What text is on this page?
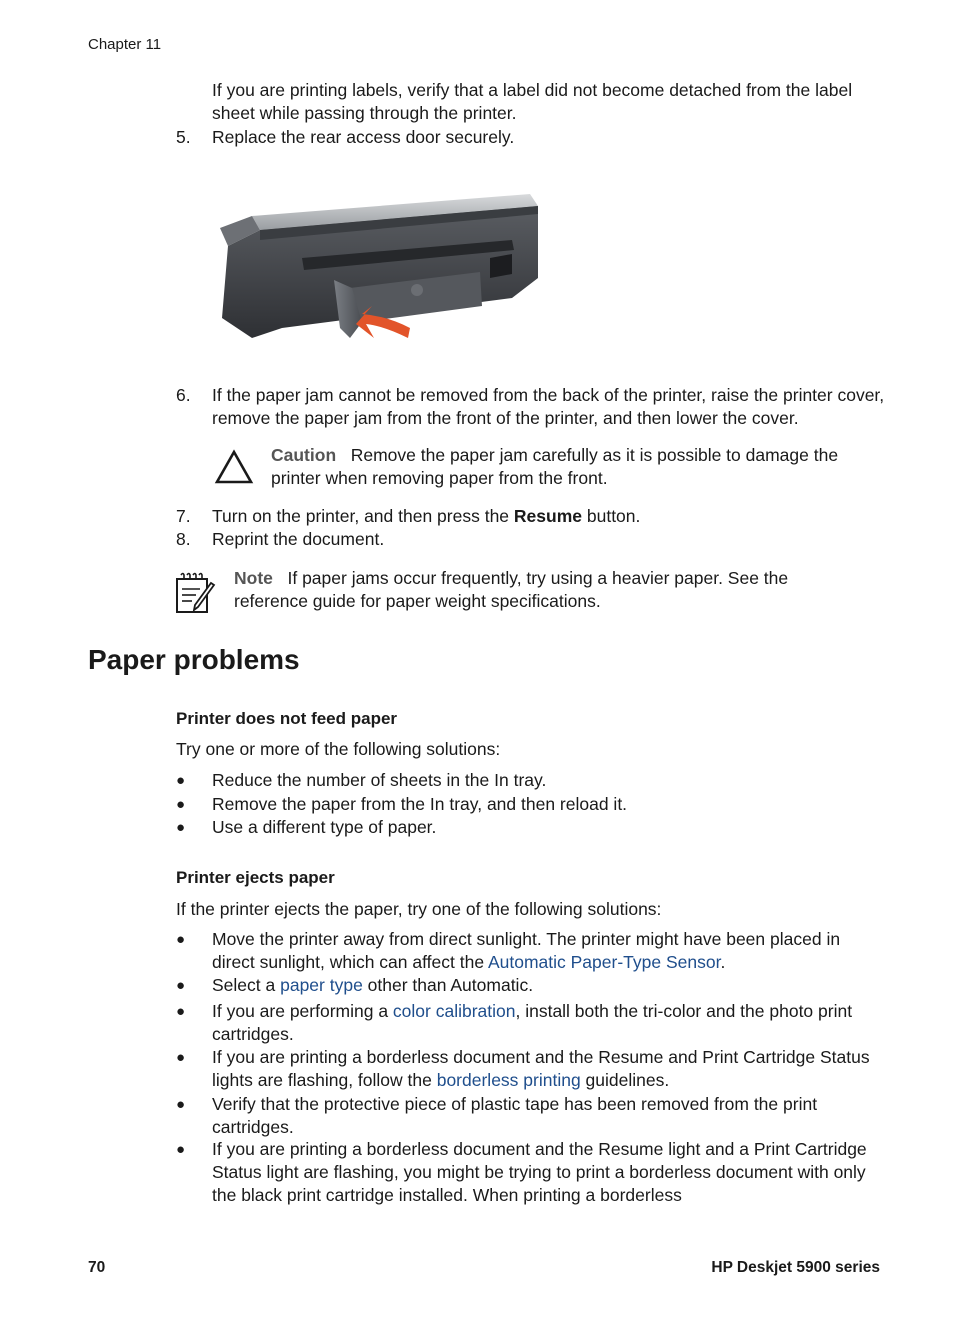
Chapter 11
If you are printing labels, verify that a label did not become detached from the label sheet while passing through the printer.
5.	Replace the rear access door securely.
6.	If the paper jam cannot be removed from the back of the printer, raise the printer cover, remove the paper jam from the front of the printer, and then lower the cover.
Caution Remove the paper jam carefully as it is possible to damage the printer when removing paper from the front.
7.	Turn on the printer, and then press the Resume button.
8.	Reprint the document.
Note If paper jams occur frequently, try using a heavier paper. See the reference guide for paper weight specifications.
Paper problems
Printer does not feed paper
Try one or more of the following solutions:
● Reduce the number of sheets in the In tray.
● Remove the paper from the In tray, and then reload it.
● Use a different type of paper.
Printer ejects paper
If the printer ejects the paper, try one of the following solutions:
● Move the printer away from direct sunlight. The printer might have been placed in direct sunlight, which can affect the Automatic Paper-Type Sensor.
● Select a paper type other than Automatic.
● If you are performing a color calibration, install both the tri-color and the photo print cartridges.
● If you are printing a borderless document and the Resume and Print Cartridge Status lights are flashing, follow the borderless printing guidelines.
● Verify that the protective piece of plastic tape has been removed from the print cartridges.
● If you are printing a borderless document and the Resume light and a Print Cartridge Status light are flashing, you might be trying to print a borderless document with only the black print cartridge installed. When printing a borderless
70	HP Deskjet 5900 series
